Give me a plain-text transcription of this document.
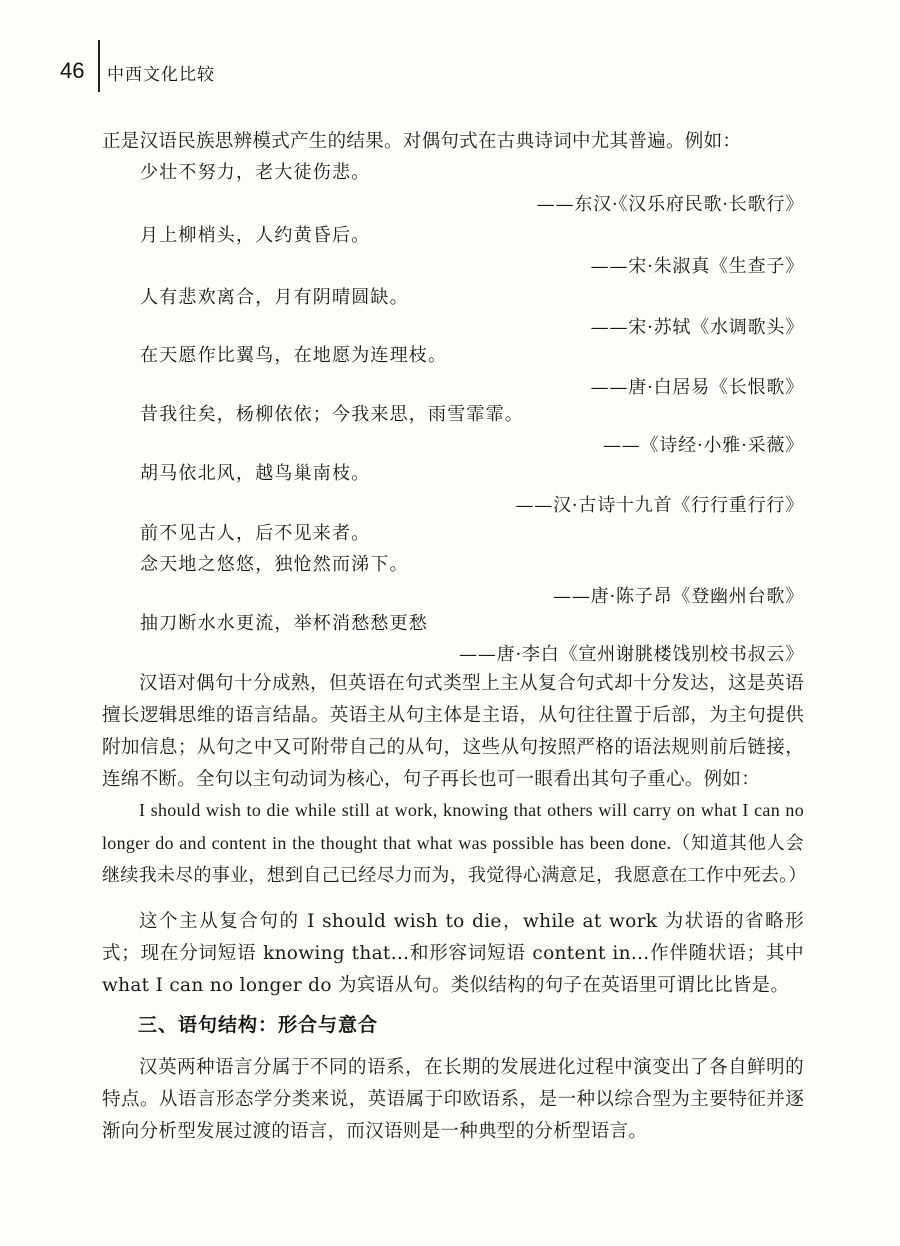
46 中西文化比较

正是汉语民族思辨模式产生的结果。对偶句式在古典诗词中尤其普遍。例如：

少壮不努力，老大徒伤悲。
——东汉·《汉乐府民歌·长歌行》
月上柳梢头，人约黄昏后。
——宋·朱淑真《生查子》
人有悲欢离合，月有阴晴圆缺。
——宋·苏轼《水调歌头》
在天愿作比翼鸟，在地愿为连理枝。
——唐·白居易《长恨歌》
昔我往矣，杨柳依依；今我来思，雨雪霏霏。
——《诗经·小雅·采薇》
胡马依北风，越鸟巢南枝。
——汉·古诗十九首《行行重行行》
前不见古人，后不见来者。
念天地之悠悠，独怆然而涕下。
——唐·陈子昂《登幽州台歌》
抽刀断水水更流，举杯消愁愁更愁
——唐·李白《宣州谢朓楼饯别校书叔云》

汉语对偶句十分成熟，但英语在句式类型上主从复合句式却十分发达，这是英语擅长逻辑思维的语言结晶。英语主从句主体是主语，从句往往置于后部，为主句提供附加信息；从句之中又可附带自己的从句，这些从句按照严格的语法规则前后链接，连绵不断。全句以主句动词为核心，句子再长也可一眼看出其句子重心。例如：

I should wish to die while still at work, knowing that others will carry on what I can no longer do and content in the thought that what was possible has been done.（知道其他人会继续我未尽的事业，想到自己已经尽力而为，我觉得心满意足，我愿意在工作中死去。）

这个主从复合句的 I should wish to die，while at work 为状语的省略形式；现在分词短语 knowing that…和形容词短语 content in…作伴随状语；其中 what I can no longer do 为宾语从句。类似结构的句子在英语里可谓比比皆是。

三、语句结构：形合与意合

汉英两种语言分属于不同的语系，在长期的发展进化过程中演变出了各自鲜明的特点。从语言形态学分类来说，英语属于印欧语系，是一种以综合型为主要特征并逐渐向分析型发展过渡的语言，而汉语则是一种典型的分析型语言。
